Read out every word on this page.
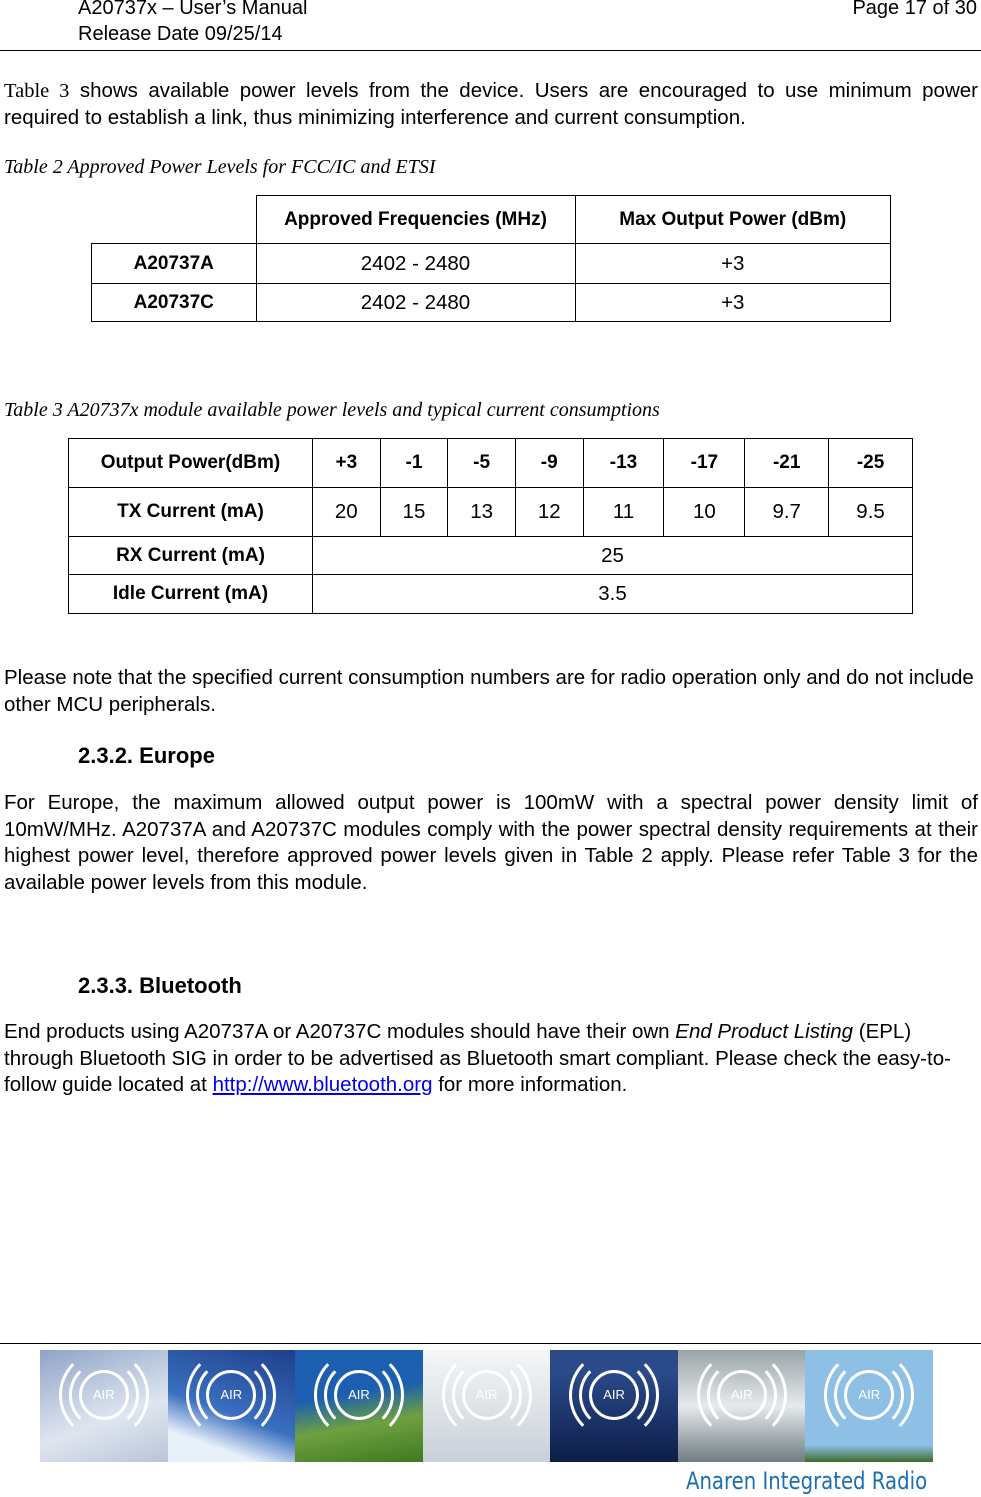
A20737x – User’s Manual
Release Date 09/25/14
Page 17 of 30
Table 3 shows available power levels from the device. Users are encouraged to use minimum power required to establish a link, thus minimizing interference and current consumption.
Table 2 Approved Power Levels for FCC/IC and ETSI
	Approved Frequencies (MHz)	Max Output Power (dBm)
A20737A	2402 - 2480	+3
A20737C	2402 - 2480	+3
Table 3 A20737x module available power levels and typical current consumptions
Output Power(dBm)	+3	-1	-5	-9	-13	-17	-21	-25
TX Current (mA)	20	15	13	12	11	10	9.7	9.5
RX Current (mA)	25							
Idle Current (mA)	3.5							
Please note that the specified current consumption numbers are for radio operation only and do not include other MCU peripherals.
2.3.2. Europe
For Europe, the maximum allowed output power is 100mW with a spectral power density limit of 10mW/MHz. A20737A and A20737C modules comply with the power spectral density requirements at their highest power level, therefore approved power levels given in Table 2 apply. Please refer Table 3 for the available power levels from this module.
2.3.3. Bluetooth
End products using A20737A or A20737C modules should have their own End Product Listing (EPL) through Bluetooth SIG in order to be advertised as Bluetooth smart compliant. Please check the easy-to-follow guide located at http://www.bluetooth.org for more information.
AIR	AIR	AIR	AIR	AIR	AIR	AIR
Anaren Integrated Radio
